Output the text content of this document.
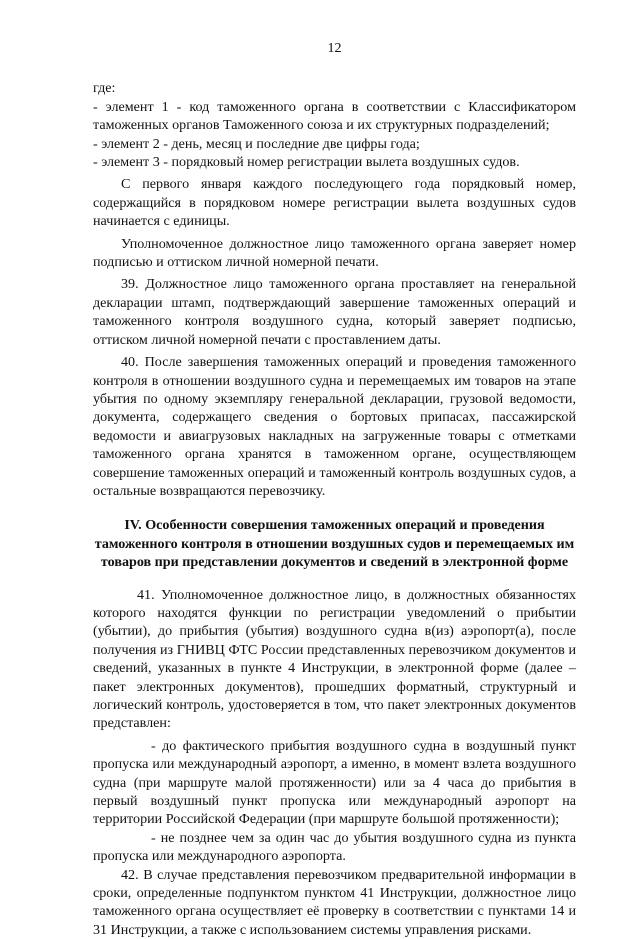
12

где:

- элемент 1 - код таможенного органа в соответствии с Классификатором таможенных органов Таможенного союза и их структурных подразделений;

- элемент 2 - день, месяц и последние две цифры года;

- элемент 3 - порядковый номер регистрации вылета воздушных судов.

С первого января каждого последующего года порядковый номер, содержащийся в порядковом номере регистрации вылета воздушных судов начинается с единицы.

Уполномоченное должностное лицо таможенного органа заверяет номер подписью и оттиском личной номерной печати.

39. Должностное лицо таможенного органа проставляет на генеральной декларации штамп, подтверждающий завершение таможенных операций и таможенного контроля воздушного судна, который заверяет подписью, оттиском личной номерной печати с проставлением даты.

40. После завершения таможенных операций и проведения таможенного контроля в отношении воздушного судна и перемещаемых им товаров на этапе убытия по одному экземпляру генеральной декларации, грузовой ведомости, документа, содержащего сведения о бортовых припасах, пассажирской ведомости и авиагрузовых накладных на загруженные товары с отметками таможенного органа хранятся в таможенном органе, осуществляющем совершение таможенных операций и таможенный контроль воздушных судов, а остальные возвращаются перевозчику.

IV. Особенности совершения таможенных операций и проведения
таможенного контроля в отношении воздушных судов и перемещаемых им
товаров при представлении документов и сведений в электронной форме

41. Уполномоченное должностное лицо, в должностных обязанностях которого находятся функции по регистрации уведомлений о прибытии (убытии), до прибытия (убытия) воздушного судна в(из) аэропорт(а), после получения из ГНИВЦ ФТС России представленных перевозчиком документов и сведений, указанных в пункте 4 Инструкции, в электронной форме (далее – пакет электронных документов), прошедших форматный, структурный и логический контроль, удостоверяется в том, что пакет электронных документов представлен:

- до фактического прибытия воздушного судна в воздушный пункт пропуска или международный аэропорт, а именно, в момент взлета воздушного судна (при маршруте малой протяженности) или за 4 часа до прибытия в первый воздушный пункт пропуска или международный аэропорт на территории Российской Федерации (при маршруте большой протяженности);

- не позднее чем за один час до убытия воздушного судна из пункта пропуска или международного аэропорта.

42. В случае представления перевозчиком предварительной информации в сроки, определенные подпунктом пунктом 41 Инструкции, должностное лицо таможенного органа осуществляет её проверку в соответствии с пунктами 14 и 31 Инструкции, а также с использованием системы управления рисками.
